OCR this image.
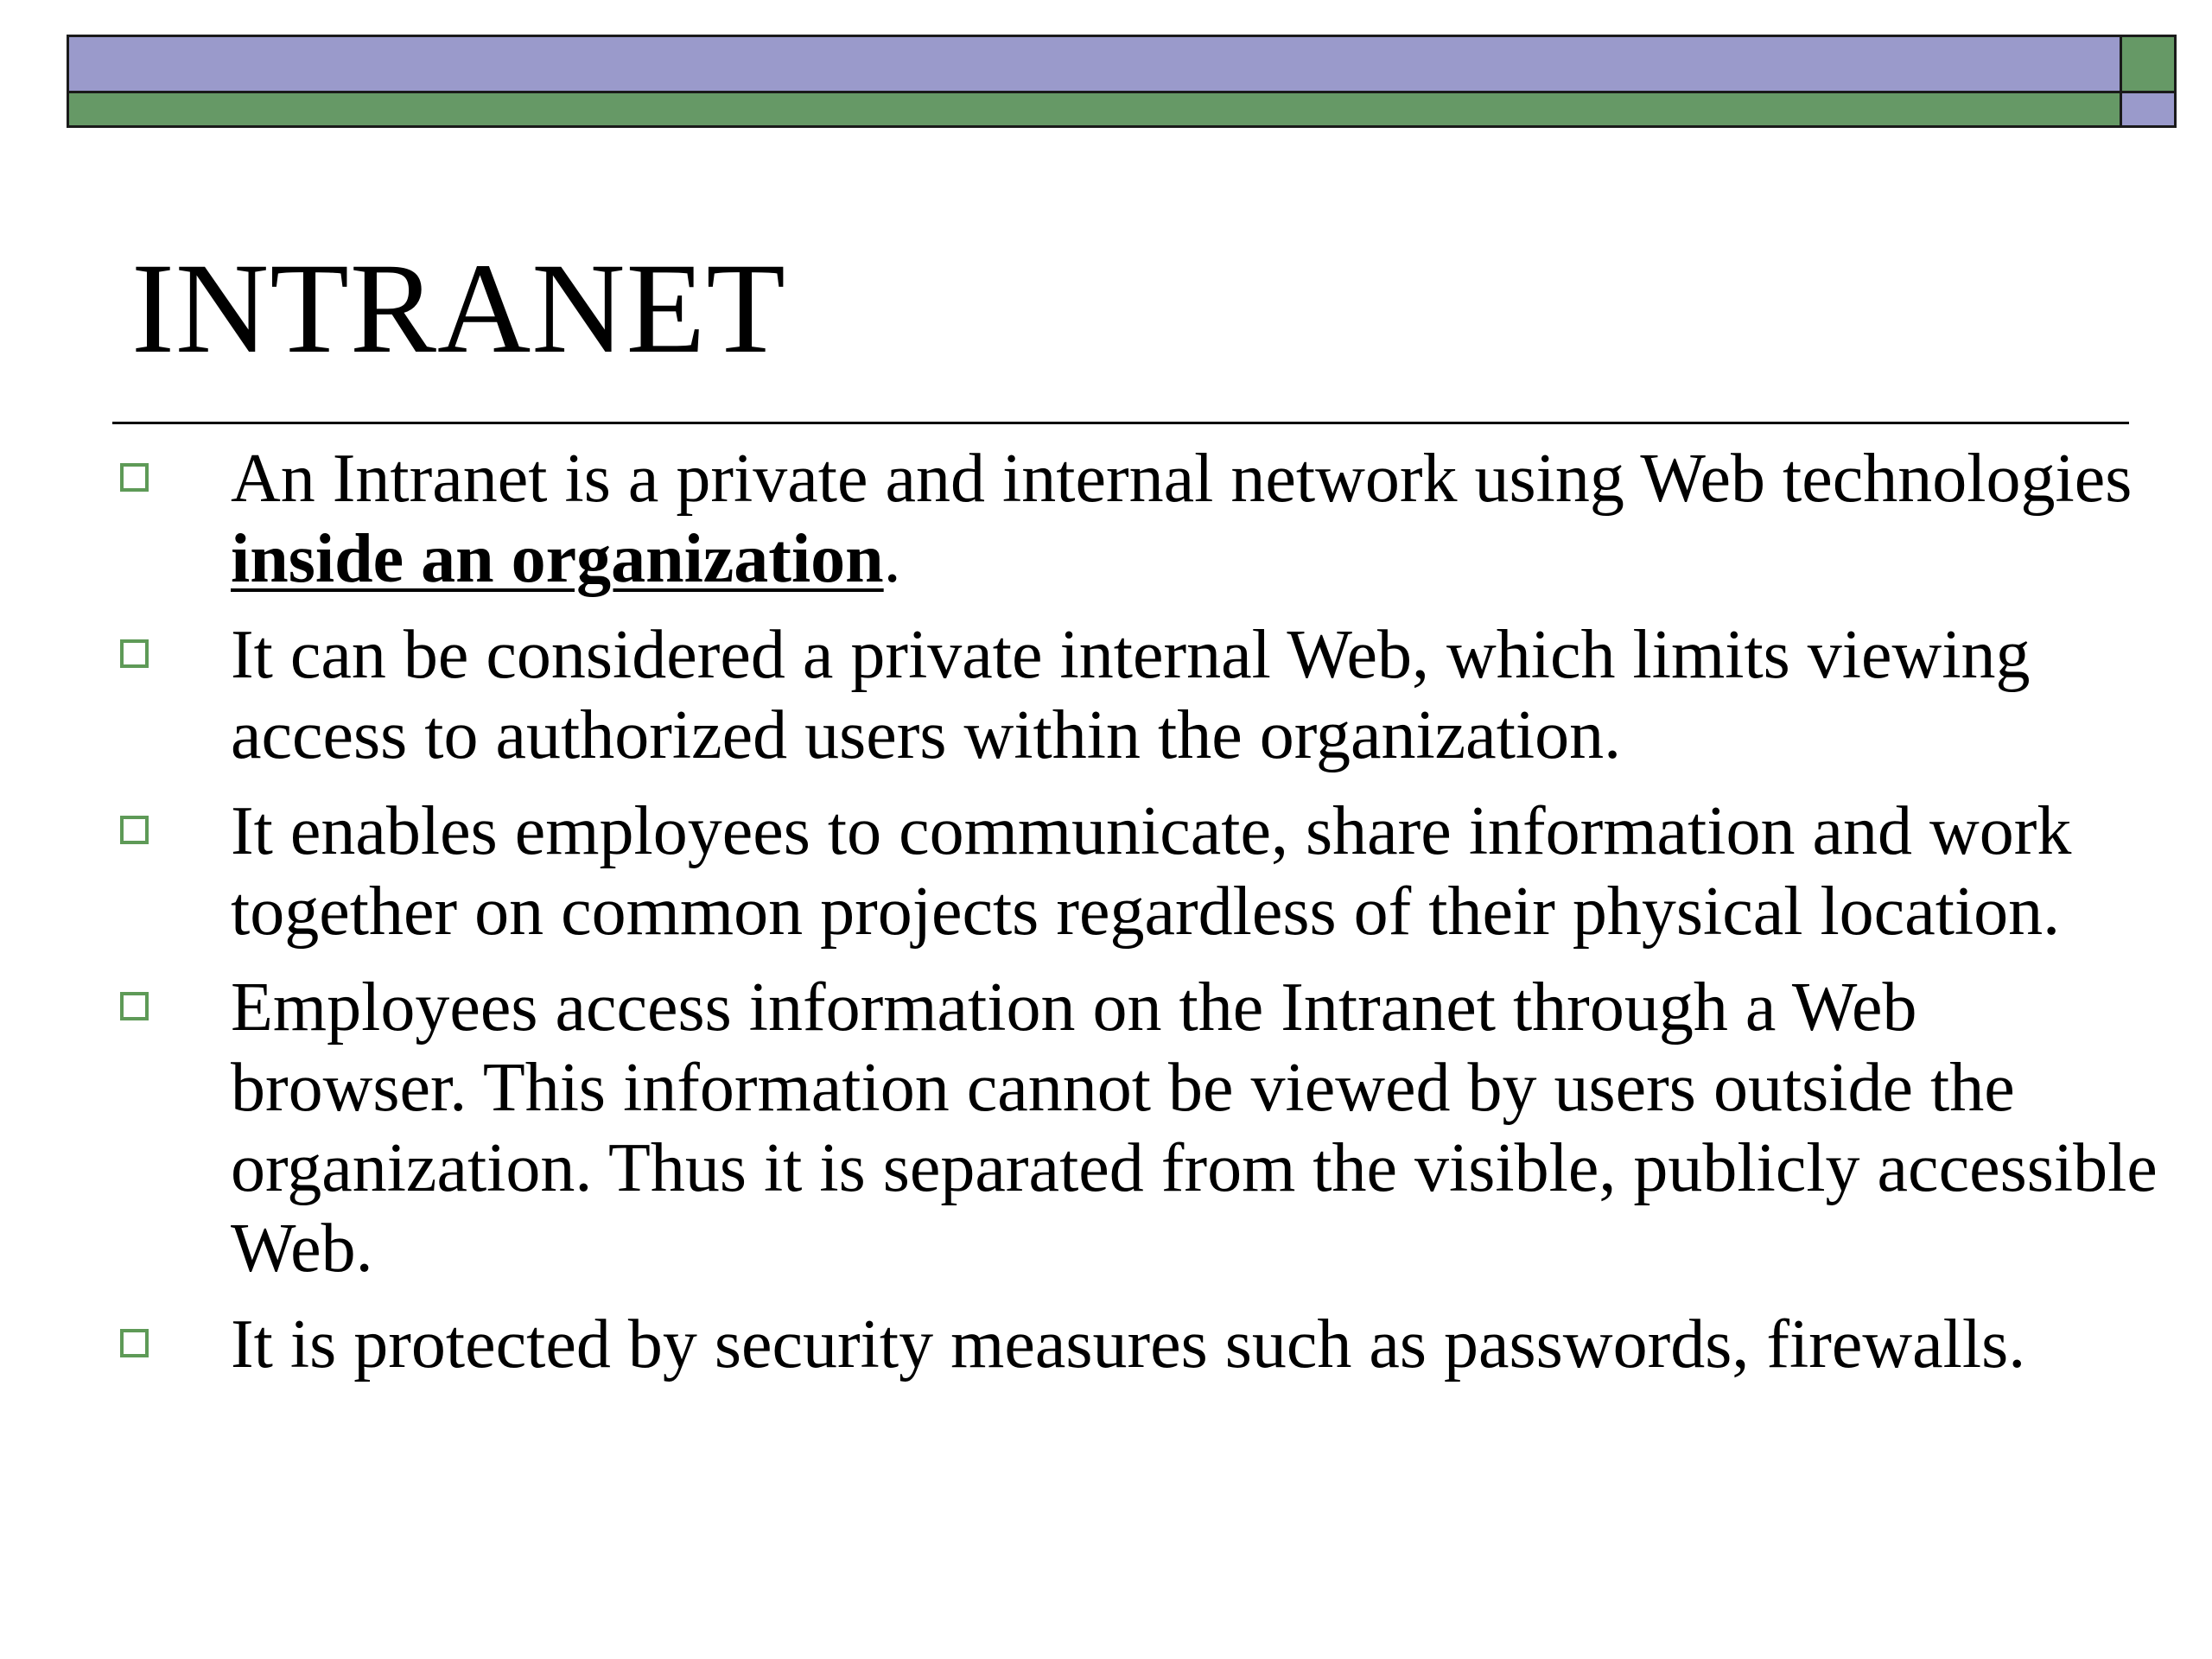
INTRANET
An Intranet is a private and internal network using Web technologies inside an organization.
It can be considered a private internal Web, which limits viewing access to authorized users within the organization.
It enables employees to communicate, share information and work together on common projects regardless of their physical location.
Employees access information on the Intranet through a Web browser. This information cannot be viewed by users outside the organization. Thus it is separated from the visible, publicly accessible Web.
It is protected by security measures such as passwords, firewalls.
